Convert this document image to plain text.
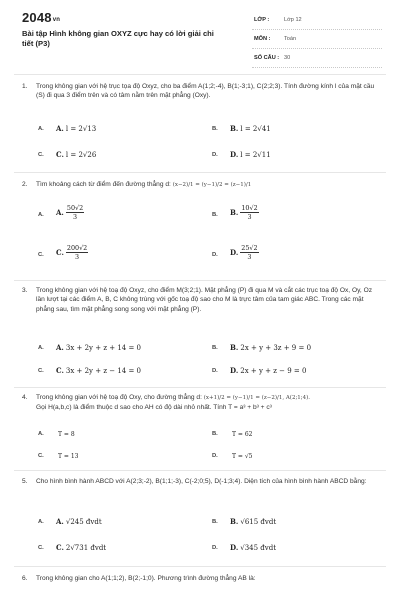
2048vn
Bài tập Hình không gian OXYZ cực hay có lời giải chi tiết (P3)
LỚP :	Lớp 12
MÔN : Toán
SỐ CÂU : 30
1.	Trong không gian với hệ trục tọa độ Oxyz, cho ba điểm A(1;2;-4), B(1;-3;1), C(2;2;3). Tính đường kính l của mặt cầu (S) đi qua 3 điểm trên và có tâm nằm trên mặt phẳng (Oxy).
A. A. l = 2√13	B. B. l = 2√41
C. C. l = 2√26	D. D. l = 2√11
2.	Tìm khoảng cách từ điểm đến đường thẳng d: (x−2)/1 = (y−1)/2 = (z−1)/1
A. A. $\frac{50√2}{3}$	B. B. $\frac{10√2}{3}$
C. C. $\frac{200√2}{3}$	D. D. $\frac{25√2}{3}$
3.	Trong không gian với hệ toạ độ Oxyz, cho điểm M(3;2;1). Mặt phẳng (P) đi qua M và cắt các trục toạ độ Ox, Oy, Oz lần lượt tại các điểm A, B, C không trùng với gốc toạ độ sao cho M là trực tâm của tam giác ABC. Trong các mặt phẳng sau, tìm mặt phẳng song song với mặt phẳng (P).
A. A. 3x + 2y + z + 14 = 0	B. B. 2x + y + 3z + 9 = 0
C. C. 3x + 2y + z − 14 = 0	D. D. 2x + y + z − 9 = 0
4.	Trong không gian với hệ toạ độ Oxy, cho đường thẳng d: (x+1)/2 = (y−1)/1 = (z−2)/1, A(2;1;4).
Gọi H(a,b,c) là điểm thuộc d sao cho AH có độ dài nhỏ nhất. Tính T = a³ + b³ + c³
A.	T = 8	B.	T = 62
C.	T = 13	D.	T = √5
5.	Cho hình bình hành ABCD với A(2;3;-2), B(1;1;-3), C(-2;0;5), D(-1;3;4). Diện tích của hình bình hành ABCD bằng:
A. A. √245 đvdt	B. B. √615 đvdt
C. C. 2√731 đvdt	D. D. √345 đvdt
6.	Trong không gian cho A(1;1;2), B(2;-1;0). Phương trình đường thẳng AB là:
